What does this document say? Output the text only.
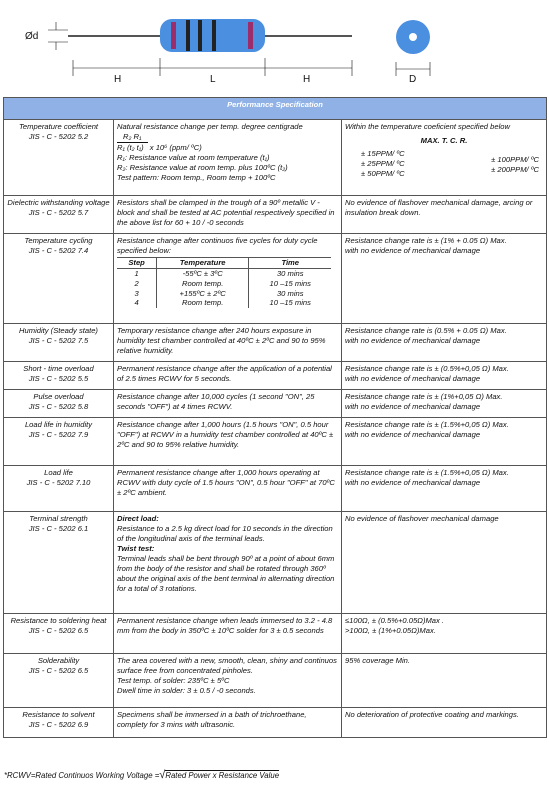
Ød
H	L	H	D
Performance Specification

Temperature coefficient
JIS - C - 5202 5.2

Natural resistance change per temp. degree centigrade
R₂ R₁
R₁ (t₂ t₁) x 10⁶ (ppm/ ºC)
R₁: Resistance value at room temperature (t₁)
R₂: Resistance value at room temp. plus 100ºC (t₂)
Test pattern: Room temp., Room temp + 100ºC

Within the temperature coeficient specified below
MAX. T. C. R.
± 15PPM/ ºC
± 25PPM/ ºC
± 50PPM/ ºC
± 100PPM/ ºC
± 200PPM/ ºC

Dielectric withstanding voltage
JIS - C - 5202 5.7
	Resistors shall be clamped in the trough of a 90º metallic V - block and shall be tested at AC potential respectively specified in the above list for 60 + 10 / -0 seconds	No evidence of flashover mechanical damage, arcing or insulation break down.

Temperature cycling
JIS - C - 5202 7.4

Resistance change after continuos five cycles for duty cycle specified below:
Step	Temperature	Time
1	-55ºC ± 3ºC	30 mins
2	Room temp.	10 –15 mins
3	+155ºC ± 2ºC	30 mins
4	Room temp.	10 –15 mins

Resistance change rate is ± (1% + 0.05 Ω) Max.
with no evidence of mechanical damage

Humidity (Steady state)
JIS - C - 5202 7.5
	Temporary resistance change after 240 hours exposure in humidity test chamber controlled at 40ºC ± 2ºC and 90 to 95% relative humidity.	
Resistance change rate is (0.5% + 0.05 Ω) Max.
with no evidence of mechanical damage

Short - time overload
JIS - C - 5202 5.5
	Permanent resistance change after the application of a potential of 2.5 times RCWV for 5 seconds.	
Resistance change rate is ± (0.5%+0,05 Ω) Max.
with no evidence of mechanical damage

Pulse overload
JIS - C - 5202 5.8
	Resistance change after 10,000 cycles (1 second "ON", 25 seconds "OFF") at 4 times RCWV.	
Resistance change rate is ± (1%+0,05 Ω) Max.
with no evidence of mechanical damage

Load life in humidity
JIS - C - 5202 7.9
	Resistance change after 1,000 hours (1.5 hours "ON", 0.5 hour "OFF") at RCWV in a humidity test chamber controlled at 40ºC ± 2ºC and 90 to 95% relative humidity.	
Resistance change rate is ± (1.5%+0,05 Ω) Max.
with no evidence of mechanical damage

Load life
JIS - C - 5202 7.10
	Permanent resistance change after 1,000 hours operating at RCWV with duty cycle of 1.5 hours "ON", 0.5 hour "OFF" at 70ºC ± 2ºC ambient.	
Resistance change rate is ± (1.5%+0,05 Ω) Max.
with no evidence of mechanical damage

Terminal strength
JIS - C - 5202 6.1

Direct load:
Resistance to a 2.5 kg direct load for 10 seconds in the direction of the longitudinal axis of the terminal leads.
Twist test:
Terminal leads shall be bent through 90º at a point of about 6mm from the body of the resistor and shall be rotated through 360º about the original axis of the bent terminal in alternating direction for a total of 3 rotations.
	No evidence of flashover mechanical damage

Resistance to soldering heat
JIS - C - 5202 6.5
	Permanent resistance change when leads immersed to 3.2 - 4.8 mm from the body in 350ºC ± 10ºC solder for 3 ± 0.5 seconds	
≤100Ω, ± (0.5%+0.05Ω)Max .
>100Ω, ± (1%+0.05Ω)Max.

Solderability
JIS - C - 5202 6.5

The area covered with a new, smooth, clean, shiny and continuos surface free from concentrated pinholes.
Test temp. of solder: 235ºC ± 5ºC
Dwell time in solder: 3 ± 0.5 / -0 seconds.
	95% coverage Min.

Resistance to solvent
JIS - C - 5202 6.9
	Specimens shall be immersed in a bath of trichroethane, complety for 3 mins with ultrasonic.	No deterioration of protective coating and markings.
*RCWV=Rated Continuos Working Voltage =√Rated Power x Resistance Value
